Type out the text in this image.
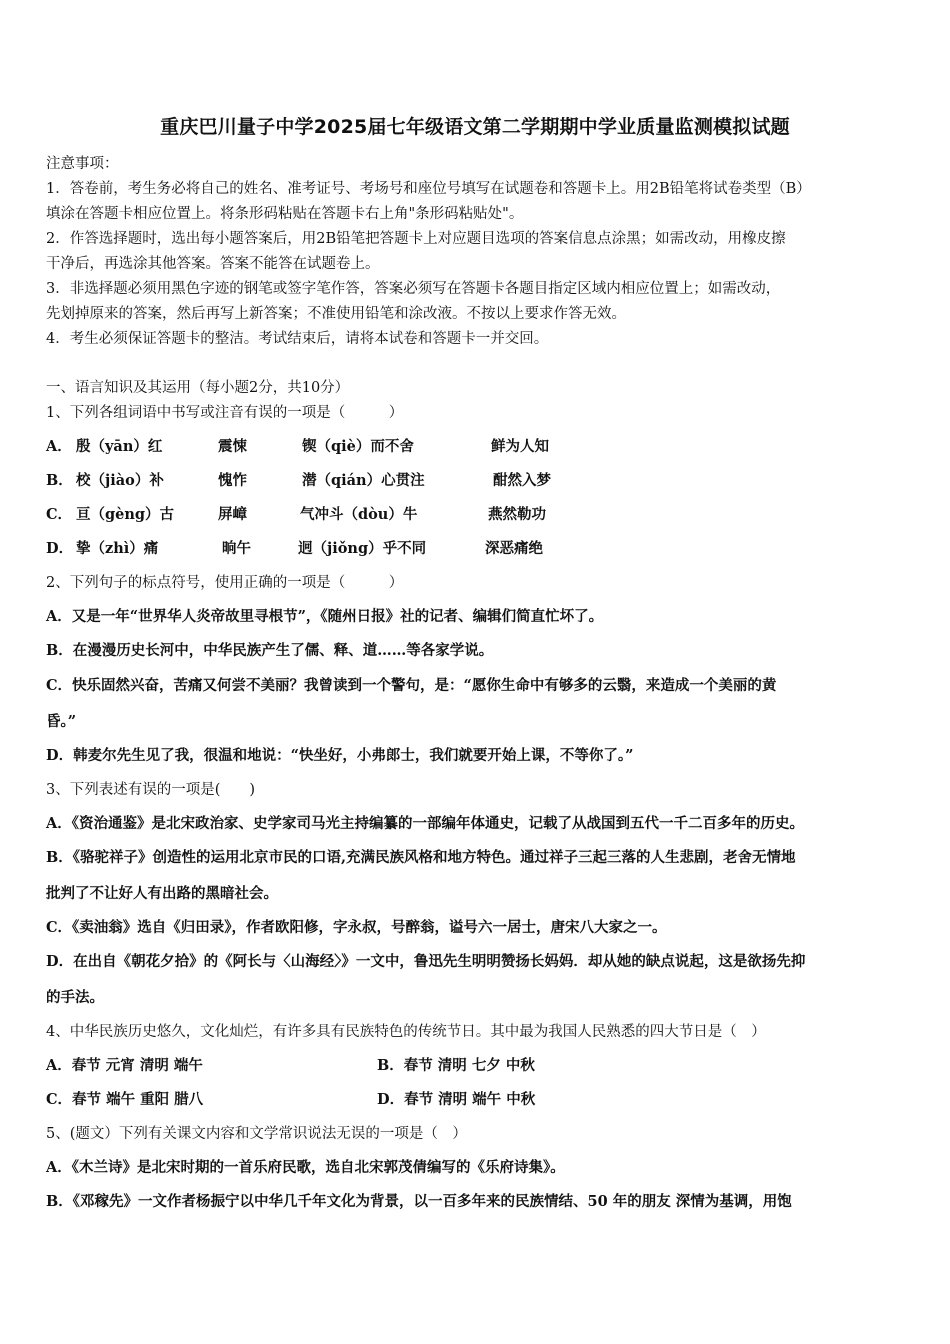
重庆巴川量子中学2025届七年级语文第二学期期中学业质量监测模拟试题
注意事项：
1．答卷前，考生务必将自己的姓名、准考证号、考场号和座位号填写在试题卷和答题卡上。用2B铅笔将试卷类型（B）
填涂在答题卡相应位置上。将条形码粘贴在答题卡右上角"条形码粘贴处"。
2．作答选择题时，选出每小题答案后，用2B铅笔把答题卡上对应题目选项的答案信息点涂黑；如需改动，用橡皮擦
干净后，再选涂其他答案。答案不能答在试题卷上。
3．非选择题必须用黑色字迹的钢笔或签字笔作答，答案必须写在答题卡各题目指定区域内相应位置上；如需改动，
先划掉原来的答案，然后再写上新答案；不准使用铅笔和涂改液。不按以上要求作答无效。
4．考生必须保证答题卡的整洁。考试结束后，请将本试卷和答题卡一并交回。
一、语言知识及其运用（每小题2分，共10分）
1、下列各组词语中书写或注音有误的一项是（　　　）
A． 殷（yān）红	震悚	锲（qiè）而不舍	鲜为人知
B． 校（jiào）补	愧怍	潜（qián）心贯注	酣然入梦
C． 亘（gèng）古	屏嶂	气冲斗（dòu）牛	燕然勒功
D． 挚（zhì）痛	晌午	迥（jiǒng）乎不同	深恶痛绝
2、下列句子的标点符号，使用正确的一项是（　　　）
A．又是一年“世界华人炎帝故里寻根节”，《随州日报》社的记者、编辑们简直忙坏了。
B．在漫漫历史长河中，中华民族产生了儒、释、道……等各家学说。
C．快乐固然兴奋，苦痛又何尝不美丽？我曾读到一个警句，是：“愿你生命中有够多的云翳，来造成一个美丽的黄
昏。”
D．韩麦尔先生见了我，很温和地说：“快坐好，小弗郎士，我们就要开始上课，不等你了。”
3、下列表述有误的一项是(　　)
A．《资治通鉴》是北宋政治家、史学家司马光主持编纂的一部编年体通史，记载了从战国到五代一千二百多年的历史。
B．《骆驼祥子》创造性的运用北京市民的口语,充满民族风格和地方特色。通过祥子三起三落的人生悲剧，老舍无情地
批判了不让好人有出路的黑暗社会。
C．《卖油翁》选自《归田录》，作者欧阳修，字永叔，号醉翁，谥号六一居士，唐宋八大家之一。
D．在出自《朝花夕拾》的《阿长与〈山海经〉》一文中，鲁迅先生明明赞扬长妈妈．却从她的缺点说起，这是欲扬先抑
的手法。
4、中华民族历史悠久，文化灿烂，有许多具有民族特色的传统节日。其中最为我国人民熟悉的四大节日是（　）
A．春节 元宵 清明 端午	B．春节 清明 七夕 中秋
C．春节 端午 重阳 腊八	D．春节 清明 端午 中秋
5、(题文）下列有关课文内容和文学常识说法无误的一项是（　）
A．《木兰诗》是北宋时期的一首乐府民歌，选自北宋郭茂倩编写的《乐府诗集》。
B．《邓稼先》一文作者杨振宁以中华几千年文化为背景，以一百多年来的民族情结、50 年的朋友 深情为基调，用饱
